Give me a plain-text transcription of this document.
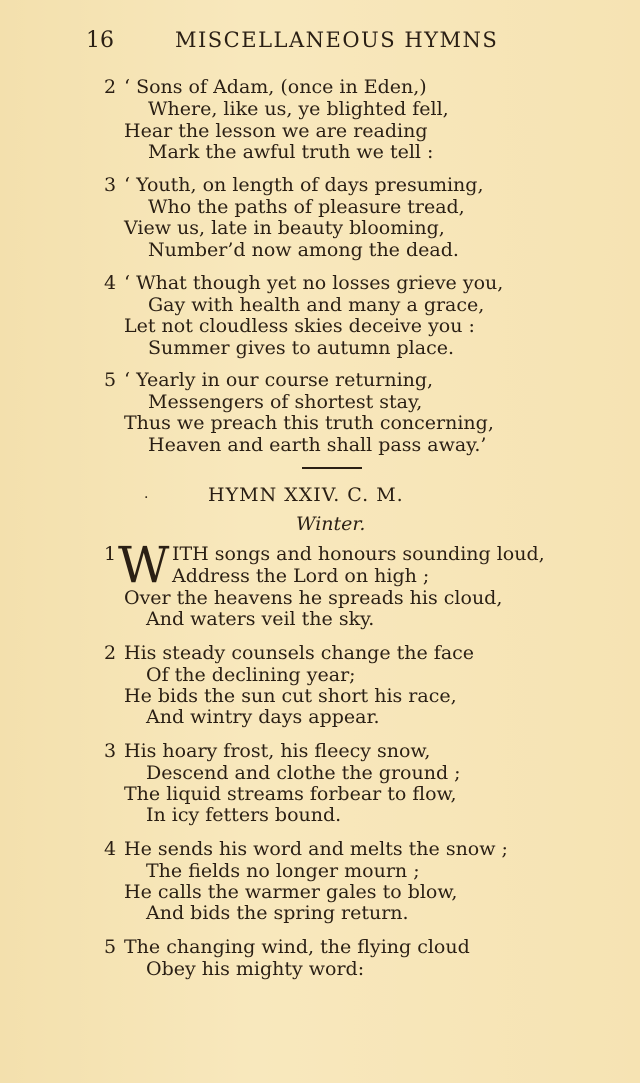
16	MISCELLANEOUS HYMNS
2 ‘ Sons of Adam, (once in Eden,)
Where, like us, ye blighted fell,
Hear the lesson we are reading
Mark the awful truth we tell :
3 ‘ Youth, on length of days presuming,
Who the paths of pleasure tread,
View us, late in beauty blooming,
Number’d now among the dead.
4 ‘ What though yet no losses grieve you,
Gay with health and many a grace,
Let not cloudless skies deceive you :
Summer gives to autumn place.
5 ‘ Yearly in our course returning,
Messengers of shortest stay,
Thus we preach this truth concerning,
Heaven and earth shall pass away.’
·	HYMN XXIV. C. M.
Winter.
1 W ITH songs and honours sounding loud,
Address the Lord on high ;
Over the heavens he spreads his cloud,
And waters veil the sky.
2 His steady counsels change the face
Of the declining year;
He bids the sun cut short his race,
And wintry days appear.
3 His hoary frost, his fleecy snow,
Descend and clothe the ground ;
The liquid streams forbear to flow,
In icy fetters bound.
4 He sends his word and melts the snow ;
The fields no longer mourn ;
He calls the warmer gales to blow,
And bids the spring return.
5 The changing wind, the flying cloud
Obey his mighty word:
